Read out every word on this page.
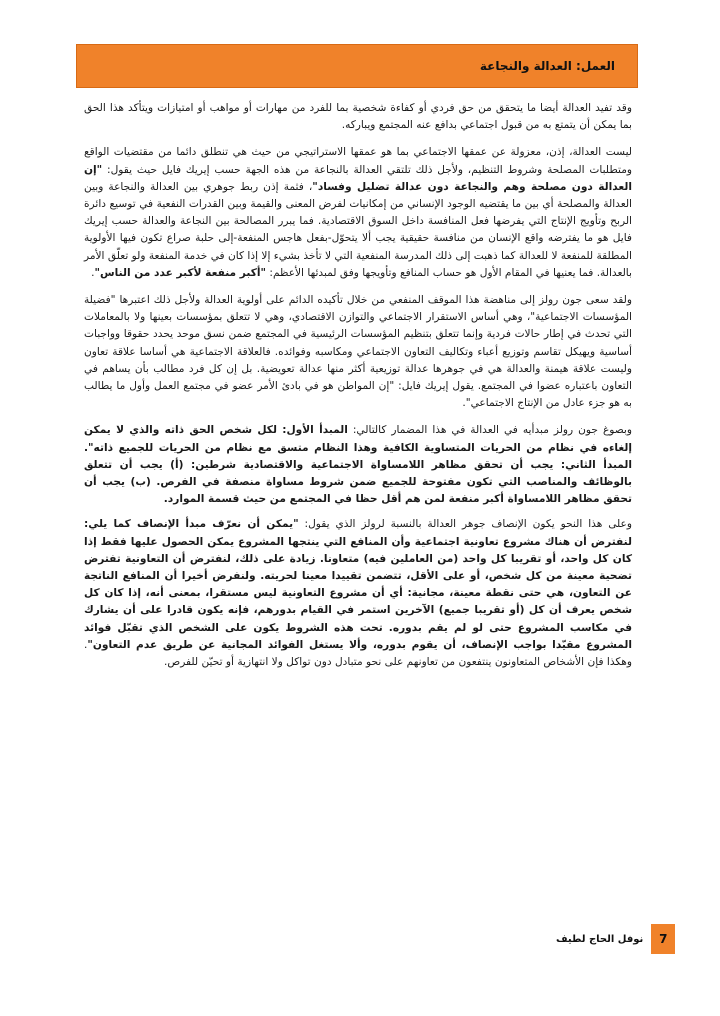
العمل: العدالة والنجاعة

وقد تفيد العدالة أيضا ما يتحقق من حق فردي أو كفاءة شخصية بما للفرد من مهارات أو مواهب أو امتيازات ويتأكد هذا الحق بما يمكن أن يتمتع به من قبول اجتماعي بدافع عنه المجتمع ويباركه.

ليست العدالة، إذن، معزولة عن عمقها الاجتماعي بما هو عمقها الاستراتيجي من حيث هي تنطلق دائما من مقتضيات الواقع ومتطلبات المصلحة وشروط التنظيم، ولأجل ذلك تلتقي العدالة بالنجاعة من هذه الجهة حسب إيريك فايل حيث يقول: "إن العدالة دون مصلحة وهم والنجاعة دون عدالة تضليل وفساد"، فثمة إذن ربط جوهري بين العدالة والنجاعة وبين العدالة والمصلحة أي بين ما يقتضيه الوجود الإنساني من إمكانيات لفرض المعنى والقيمة وبين القدرات النفعية في توسيع دائرة الربح وتأويج الإنتاج التي يفرضها فعل المنافسة داخل السوق الاقتصادية. فما يبرر المصالحة بين النجاعة والعدالة حسب إيريك فايل هو ما يفترضه واقع الإنسان من منافسة حقيقية يجب ألا يتحوّل-بفعل هاجس المنفعة-إلى حلبة صراع تكون فيها الأولوية المطلقة للمنفعة لا للعدالة كما ذهبت إلى ذلك المدرسة المنفعية التي لا تأخذ بشيء إلا إذا كان في خدمة المنفعة ولو تعلّق الأمر بالعدالة. فما يعنيها في المقام الأول هو حساب المنافع وتأويجها وفق لمبدئها الأعظم: "أكبر منفعة لأكبر عدد من الناس".

ولقد سعى جون رولز إلى مناهضة هذا الموقف المنفعي من خلال تأكيده الدائم على أولوية العدالة ولأجل ذلك اعتبرها "فضيلة المؤسسات الاجتماعية"، وهي أساس الاستقرار الاجتماعي والتوازن الاقتصادي، وهي لا تتعلق بمؤسسات بعينها ولا بالمعاملات التي تحدث في إطار حالات فردية وإنما تتعلق بتنظيم المؤسسات الرئيسية في المجتمع ضمن نسق موحد يحدد حقوقا وواجبات أساسية ويهيكل تقاسم وتوزيع أعباء وتكاليف التعاون الاجتماعي ومكاسبه وفوائده. فالعلاقة الاجتماعية هي أساسا علاقة تعاون وليست علاقة هيمنة والعدالة هي في جوهرها عدالة توزيعية أكثر منها عدالة تعويضية. بل إن كل فرد مطالب بأن يساهم في التعاون باعتباره عضوا في المجتمع. يقول إيريك فايل: "إن المواطن هو في بادئ الأمر عضو في مجتمع العمل وأول ما يطالب به هو جزء عادل من الإنتاج الاجتماعي".

وبصوغ جون رولز مبدأيه في العدالة في هذا المضمار كالتالي: المبدأ الأول: لكل شخص الحق ذاته والذي لا يمكن إلغاءه في نظام من الحريات المتساوية الكافية وهذا النظام متسق مع نظام من الحريات للجميع ذاته". المبدأ الثاني: يجب أن تحقق مظاهر اللامساواة الاجتماعية والاقتصادية شرطين: (أ) يجب أن تتعلق بالوظائف والمناصب التي تكون مفتوحة للجميع ضمن شروط مساواة منصفة في الفرص. (ب) يجب أن تحقق مظاهر اللامساواة أكبر منفعة لمن هم أقل حظا في المجتمع من حيث قسمة الموارد.

وعلى هذا النحو يكون الإنصاف جوهر العدالة بالنسبة لرولز الذي يقول: "يمكن أن نعرّف مبدأ الإنصاف كما يلي: لنفترض أن هناك مشروع تعاونية اجتماعية وأن المنافع التي ينتجها المشروع يمكن الحصول عليها فقط إذا كان كل واحد، أو تقريبا كل واحد (من العاملين فيه) متعاونا. زيادة على ذلك، لنفترض أن التعاونية تفترض تضحية معينة من كل شخص، أو على الأقل، تتضمن تقييدا معينا لحريته. ولنفرض أخيرا أن المنافع الناتجة عن التعاون، هي حتى نقطة معينة، مجانية: أي أن مشروع التعاونية ليس مستقرا، بمعنى أنه، إذا كان كل شخص يعرف أن كل (أو تقريبا جميع) الآخرين استمر في القيام بدورهم، فإنه يكون قادرا على أن يشارك في مكاسب المشروع حتى لو لم يقم بدوره. تحت هذه الشروط يكون على الشخص الذي تقبّل فوائد المشروع مقيّدا بواجب الإنصاف، أن يقوم بدوره، وألا يستغل الفوائد المجانية عن طريق عدم التعاون". وهكذا فإن الأشخاص المتعاونون ينتفعون من تعاونهم على نحو متبادل دون تواكل ولا انتهازية أو تحيّن للفرص.

7
نوفل الحاج لطيف
